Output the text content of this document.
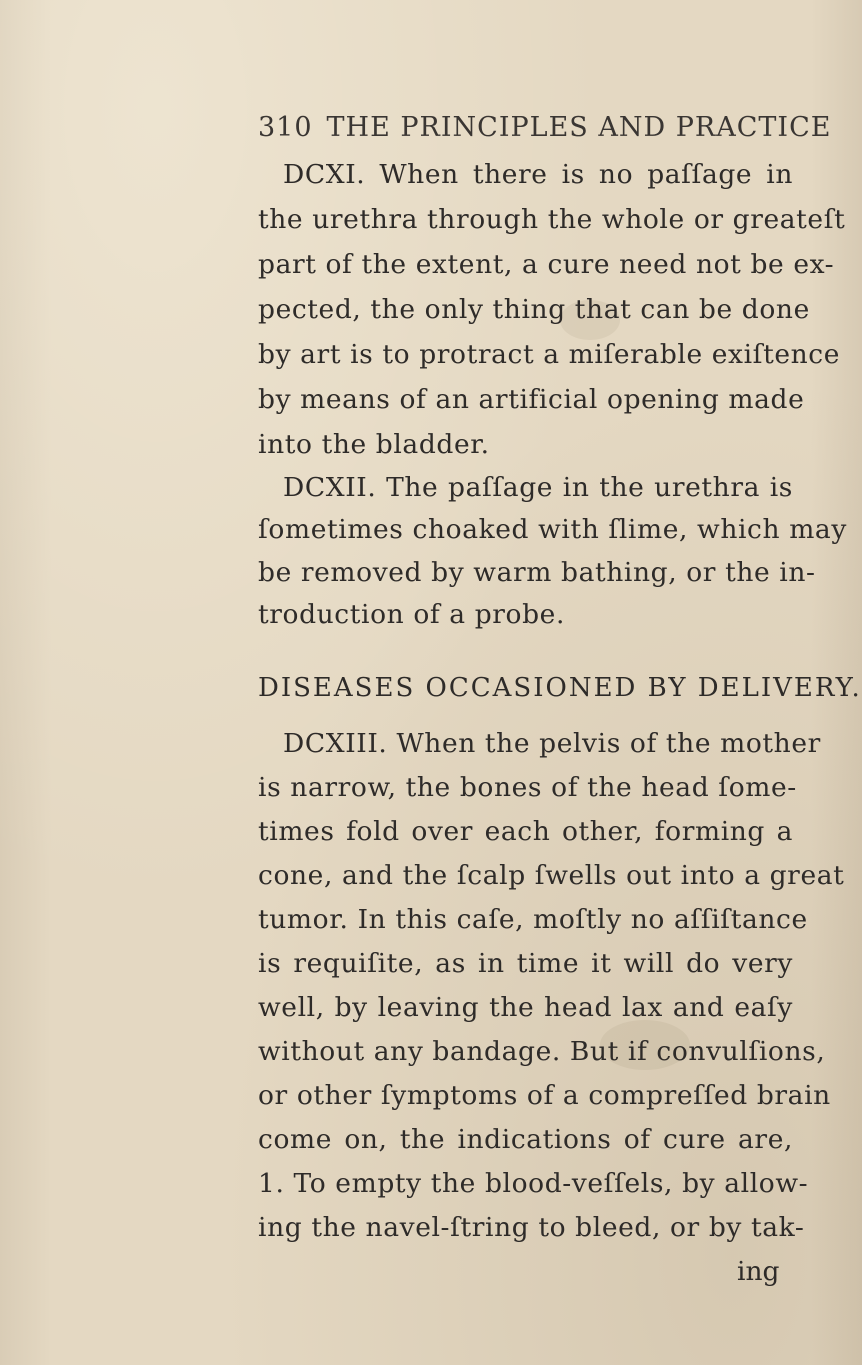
310 THE PRINCIPLES AND PRACTICE
DCXI. When there is no paſſage in
the urethra through the whole or greateſt
part of the extent, a cure need not be ex-
pected, the only thing that can be done
by art is to protract a miſerable exiſtence
by means of an artificial opening made
into the bladder.
DCXII. The paſſage in the urethra is
ſometimes choaked with ſlime, which may
be removed by warm bathing, or the in-
troduction of a probe.
DISEASES OCCASIONED BY DELIVERY.
DCXIII. When the pelvis of the mother
is narrow, the bones of the head ſome-
times fold over each other, forming a
cone, and the ſcalp ſwells out into a great
tumor. In this caſe, moſtly no aſſiſtance
is requiſite, as in time it will do very
well, by leaving the head lax and eaſy
without any bandage. But if convulſions,
or other ſymptoms of a compreſſed brain
come on, the indications of cure are,
1. To empty the blood-veſſels, by allow-
ing the navel-ſtring to bleed, or by tak-
ing
